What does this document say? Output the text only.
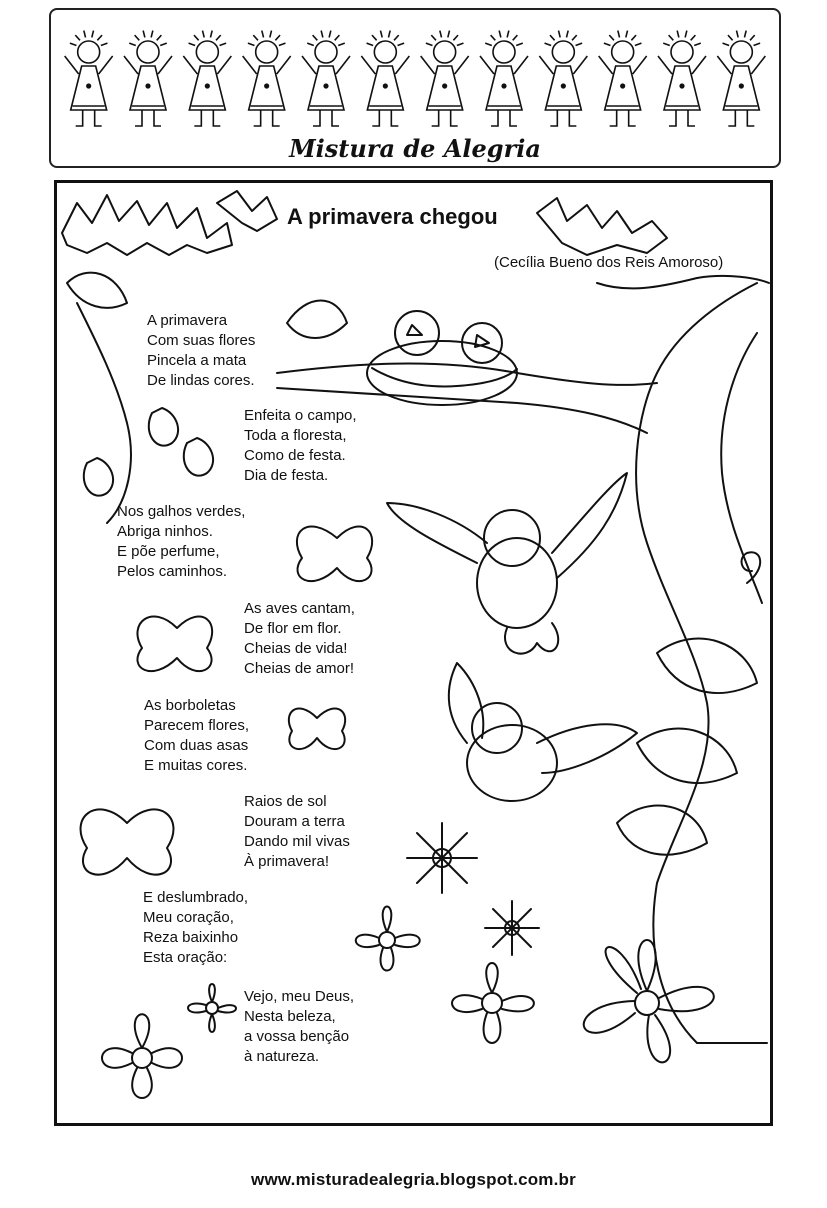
Mistura de Alegria
A primavera chegou
(Cecília Bueno dos Reis Amoroso)
A primavera
Com suas flores
Pincela a mata
De lindas cores.
Enfeita o campo,
Toda a floresta,
Como de festa.
Dia de festa.
Nos galhos verdes,
Abriga ninhos.
E põe perfume,
Pelos caminhos.
As aves cantam,
De flor em flor.
Cheias de vida!
Cheias de amor!
As borboletas
Parecem flores,
Com duas asas
E muitas cores.
Raios de sol
Douram a terra
Dando mil vivas
À primavera!
E deslumbrado,
Meu coração,
Reza baixinho
Esta oração:
Vejo, meu Deus,
Nesta beleza,
a vossa benção
à natureza.
www.misturadealegria.blogspot.com.br
